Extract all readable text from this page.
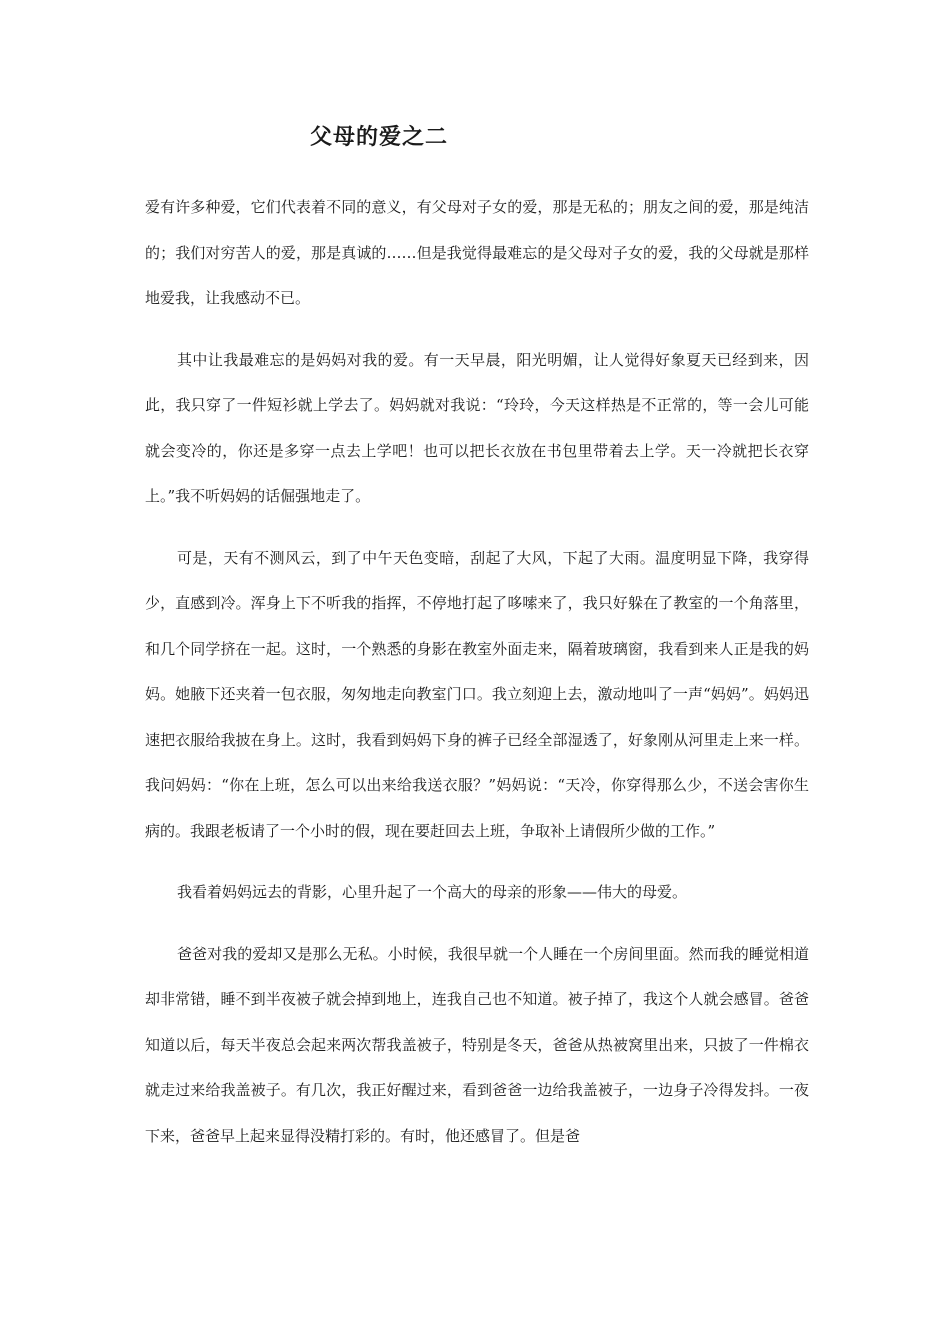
父母的爱之二

爱有许多种爱，它们代表着不同的意义，有父母对子女的爱，那是无私的；朋友之间的爱，那是纯洁的；我们对穷苦人的爱，那是真诚的……但是我觉得最难忘的是父母对子女的爱，我的父母就是那样地爱我，让我感动不已。

其中让我最难忘的是妈妈对我的爱。有一天早晨，阳光明媚，让人觉得好象夏天已经到来，因此，我只穿了一件短衫就上学去了。妈妈就对我说：“玲玲，今天这样热是不正常的，等一会儿可能就会变冷的，你还是多穿一点去上学吧！也可以把长衣放在书包里带着去上学。天一冷就把长衣穿上。”我不听妈妈的话倔强地走了。

可是，天有不测风云，到了中午天色变暗，刮起了大风，下起了大雨。温度明显下降，我穿得少，直感到冷。浑身上下不听我的指挥，不停地打起了哆嗦来了，我只好躲在了教室的一个角落里，和几个同学挤在一起。这时，一个熟悉的身影在教室外面走来，隔着玻璃窗，我看到来人正是我的妈妈。她腋下还夹着一包衣服，匆匆地走向教室门口。我立刻迎上去，激动地叫了一声“妈妈”。妈妈迅速把衣服给我披在身上。这时，我看到妈妈下身的裤子已经全部湿透了，好象刚从河里走上来一样。我问妈妈：“你在上班，怎么可以出来给我送衣服？”妈妈说：“天冷，你穿得那么少，不送会害你生病的。我跟老板请了一个小时的假，现在要赶回去上班，争取补上请假所少做的工作。”

我看着妈妈远去的背影，心里升起了一个高大的母亲的形象——伟大的母爱。

爸爸对我的爱却又是那么无私。小时候，我很早就一个人睡在一个房间里面。然而我的睡觉相道却非常错，睡不到半夜被子就会掉到地上，连我自己也不知道。被子掉了，我这个人就会感冒。爸爸知道以后，每天半夜总会起来两次帮我盖被子，特别是冬天，爸爸从热被窝里出来，只披了一件棉衣就走过来给我盖被子。有几次，我正好醒过来，看到爸爸一边给我盖被子，一边身子冷得发抖。一夜下来，爸爸早上起来显得没精打彩的。有时，他还感冒了。但是爸
